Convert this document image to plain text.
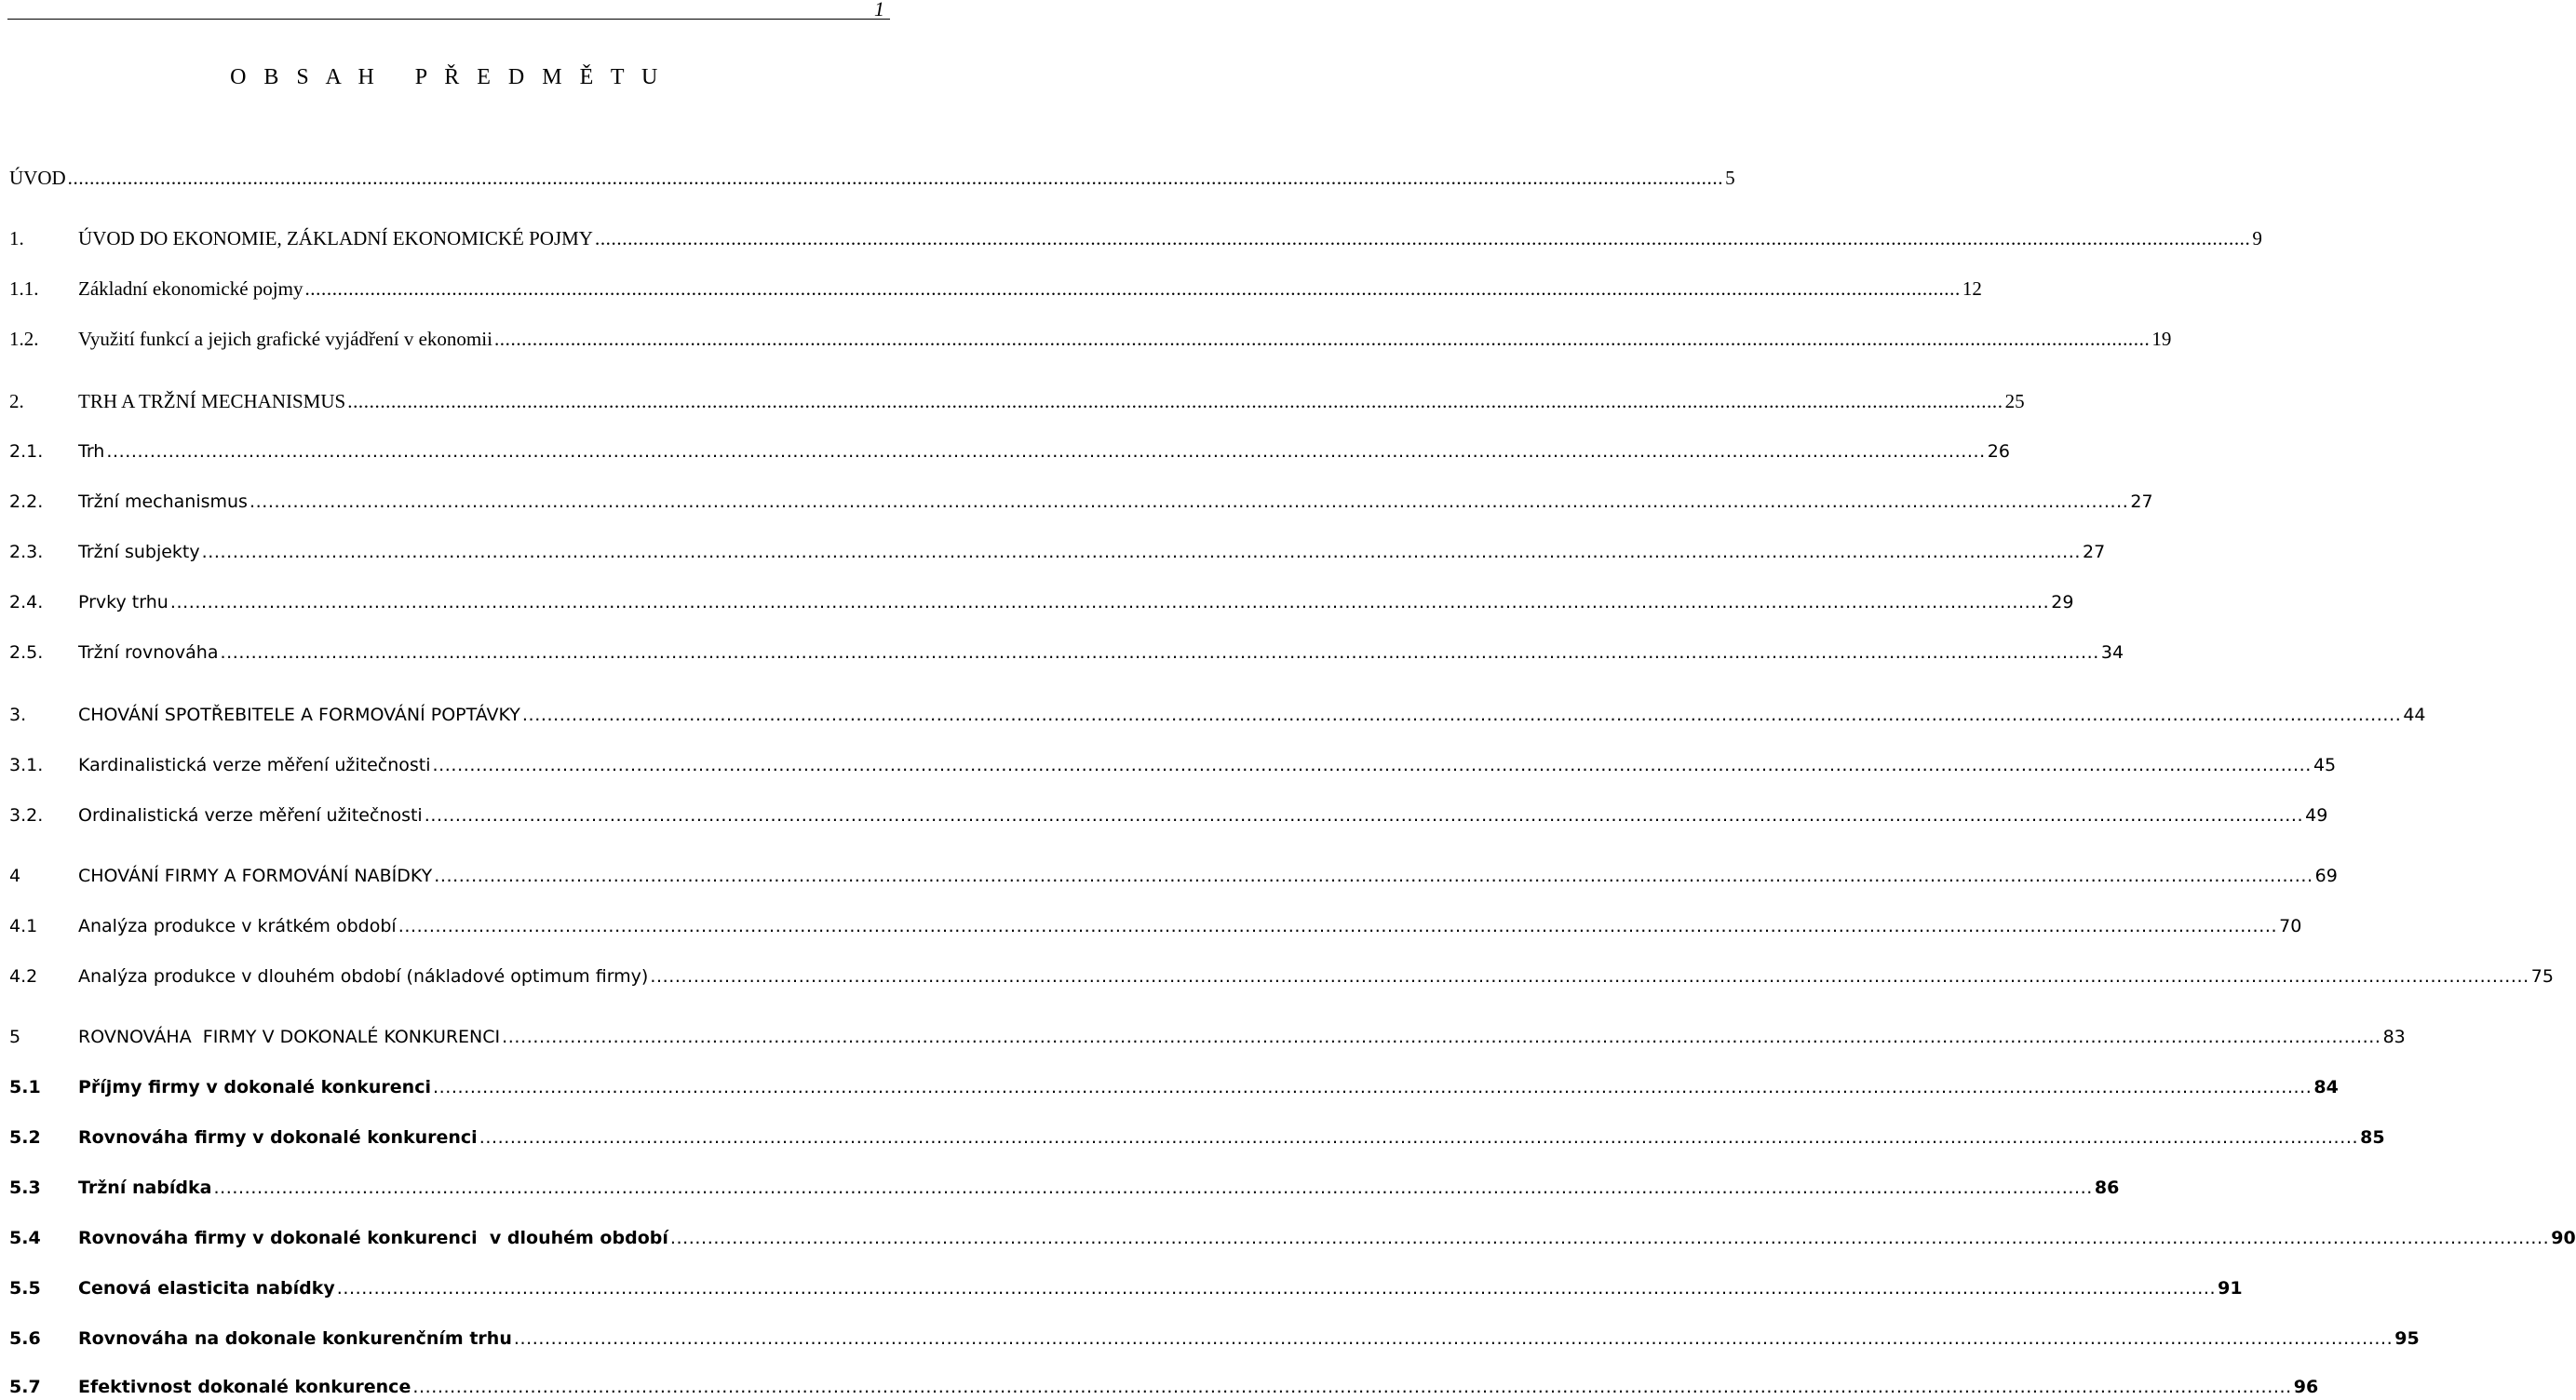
1
O B S A H   P Ř E D M Ě T U
ÚVOD .....	5
1.	ÚVOD DO EKONOMIE, ZÁKLADNÍ EKONOMICKÉ POJMY .....	9
1.1.	Základní ekonomické pojmy .....	12
1.2.	Využití funkcí a jejich grafické vyjádření v ekonomii .....	19
2.	TRH A TRŽNÍ MECHANISMUS .....	25
2.1.	Trh .....	26
2.2.	Tržní mechanismus .....	27
2.3.	Tržní subjekty .....	27
2.4.	Prvky trhu .....	29
2.5.	Tržní rovnováha .....	34
3.	CHOVÁNÍ SPOTŘEBITELE A FORMOVÁNÍ POPTÁVKY .....	44
3.1.	Kardinalistická verze měření užitečnosti .....	45
3.2.	Ordinalistická verze měření užitečnosti .....	49
4	CHOVÁNÍ FIRMY A FORMOVÁNÍ NABÍDKY .....	69
4.1	Analýza produkce v krátkém období .....	70
4.2	Analýza produkce v dlouhém období (nákladové optimum firmy) .....	75
5	ROVNOVÁHA  FIRMY V DOKONALÉ KONKURENCI .....	83
5.1	Příjmy firmy v dokonalé konkurenci .....	84
5.2	Rovnováha firmy v dokonalé konkurenci .....	85
5.3	Tržní nabídka .....	86
5.4	Rovnováha firmy v dokonalé konkurenci  v dlouhém období .....	90
5.5	Cenová elasticita nabídky .....	91
5.6	Rovnováha na dokonale konkurenčním trhu .....	95
5.7	Efektivnost dokonalé konkurence .....	96
